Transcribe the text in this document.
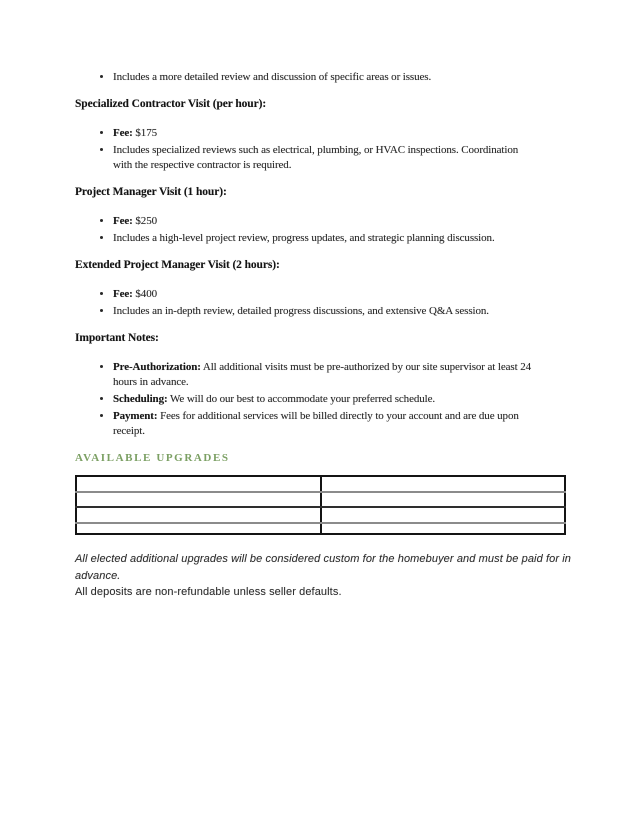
• Includes a more detailed review and discussion of specific areas or issues.
Specialized Contractor Visit (per hour):
• Fee: $175
• Includes specialized reviews such as electrical, plumbing, or HVAC inspections. Coordination
with the respective contractor is required.
Project Manager Visit (1 hour):
• Fee: $250
• Includes a high-level project review, progress updates, and strategic planning discussion.
Extended Project Manager Visit (2 hours):
• Fee: $400
• Includes an in-depth review, detailed progress discussions, and extensive Q&A session.
Important Notes:
• Pre-Authorization: All additional visits must be pre-authorized by our site supervisor at least 24
hours in advance.
• Scheduling: We will do our best to accommodate your preferred schedule.
• Payment: Fees for additional services will be billed directly to your account and are due upon
receipt.
AVAILABLE UPGRADES

All elected additional upgrades will be considered custom for the homebuyer and must be paid for in
advance.
All deposits are non-refundable unless seller defaults.
